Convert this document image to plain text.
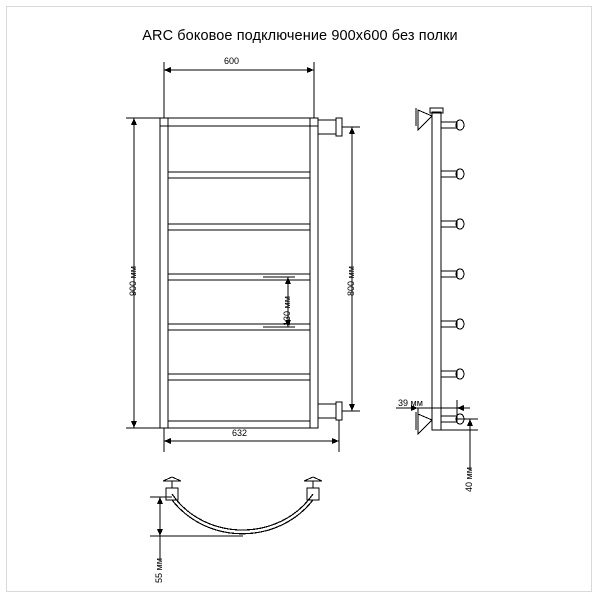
ARC боковое подключение 900x600 без полки
600
900 мм	800 мм
130 мм
632
39 мм
40 мм
55 мм
